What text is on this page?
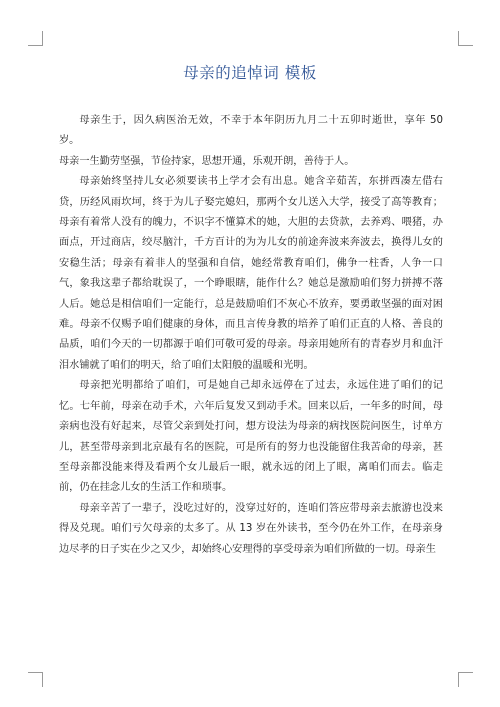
母亲的追悼词 模板

母亲生于，因久病医治无效，不幸于本年阴历九月二十五卯时逝世，享年 50 岁。

母亲一生勤劳坚强，节俭持家，思想开通，乐观开朗，善待于人。

母亲始终坚持儿女必须要读书上学才会有出息。她含辛茹苦，东拼西凑左借右贷，历经风雨坎坷，终于为儿子娶完媳妇，那两个女儿送入大学，接受了高等教育；母亲有着常人没有的魄力，不识字不懂算术的她，大胆的去贷款，去养鸡、喂猪，办面点，开过商店，绞尽脑汁，千方百计的为为儿女的前途奔波来奔波去，换得儿女的安稳生活；母亲有着非人的坚强和自信，她经常教育咱们，佛争一柱香，人争一口气，象我这辈子都给耽误了，一个睁眼瞎，能作什么？她总是激励咱们努力拼搏不落人后。她总是相信咱们一定能行，总是鼓励咱们不灰心不放弃，要勇敢坚强的面对困难。母亲不仅赐予咱们健康的身体，而且言传身教的培养了咱们正直的人格、善良的品质，咱们今天的一切都源于咱们可敬可爱的母亲。母亲用她所有的青春岁月和血汗泪水铺就了咱们的明天，给了咱们太阳般的温暖和光明。

母亲把光明都给了咱们，可是她自己却永远停在了过去，永远住进了咱们的记忆。七年前，母亲在动手术，六年后复发又到动手术。回来以后，一年多的时间，母亲病也没有好起来，尽管父亲到处打问，想方设法为母亲的病找医院问医生，讨单方儿，甚至带母亲到北京最有名的医院，可是所有的努力也没能留住我苦命的母亲，甚至母亲都没能来得及看两个女儿最后一眼，就永远的闭上了眼，离咱们而去。临走前，仍在挂念儿女的生活工作和琐事。

母亲辛苦了一辈子，没吃过好的，没穿过好的，连咱们答应带母亲去旅游也没来得及兑现。咱们亏欠母亲的太多了。从 13 岁在外读书，至今仍在外工作，在母亲身边尽孝的日子实在少之又少，却始终心安理得的享受母亲为咱们所做的一切。母亲生
